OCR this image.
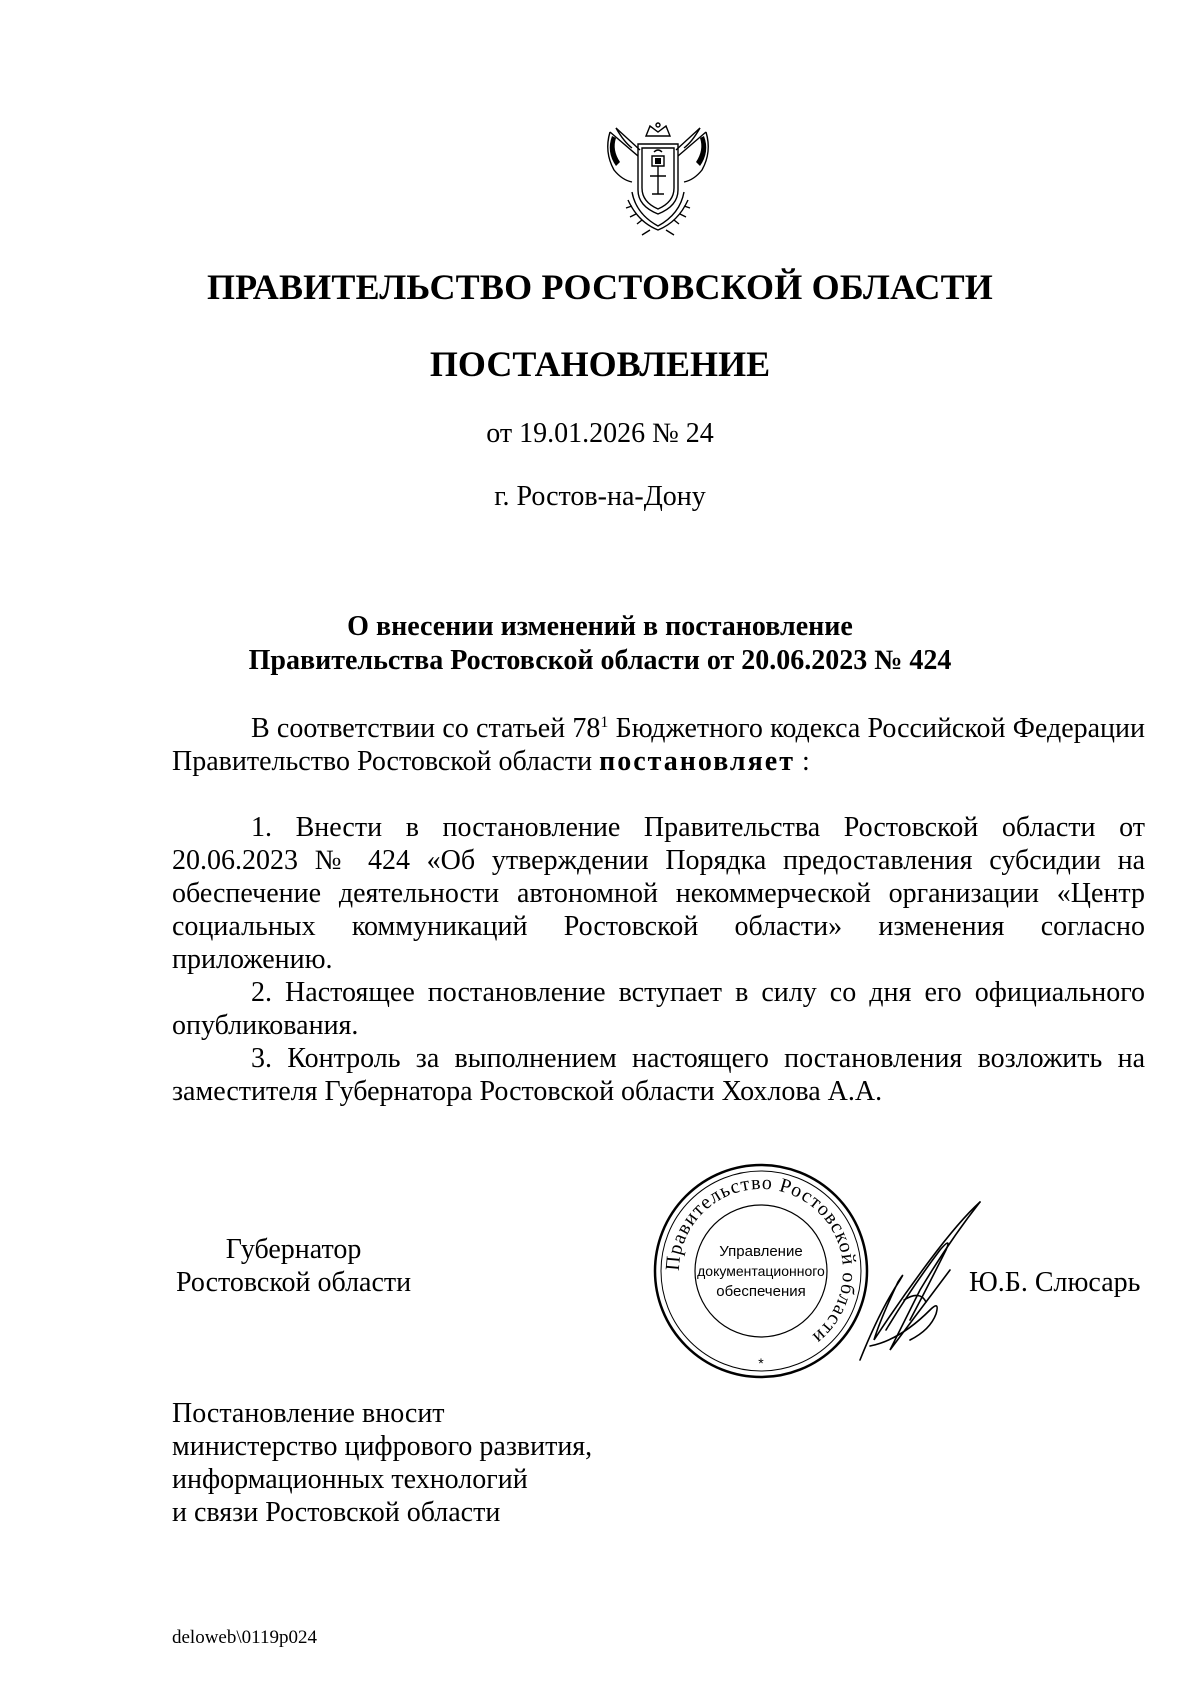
ПРАВИТЕЛЬСТВО РОСТОВСКОЙ ОБЛАСТИ
ПОСТАНОВЛЕНИЕ
от 19.01.2026 № 24
г. Ростов-на-Дону
О внесении изменений в постановление
Правительства Ростовской области от 20.06.2023 № 424

В соответствии со статьей $78^1$ Бюджетного кодекса Российской Федерации Правительство Ростовской области постановляет :

1. Внести в постановление Правительства Ростовской области от 20.06.2023 № 424 «Об утверждении Порядка предоставления субсидии на обеспечение деятельности автономной некоммерческой организации «Центр социальных коммуникаций Ростовской области» изменения согласно приложению.

2. Настоящее постановление вступает в силу со дня его официального опубликования.

3. Контроль за выполнением настоящего постановления возложить на заместителя Губернатора Ростовской области Хохлова А.А.

Губернатор
Ростовской области
Правительство Ростовской области
Управление
документационного
обеспечения
*
Ю.Б. Слюсарь
Постановление вносит
министерство цифрового развития,
информационных технологий
и связи Ростовской области
deloweb\0119p024
